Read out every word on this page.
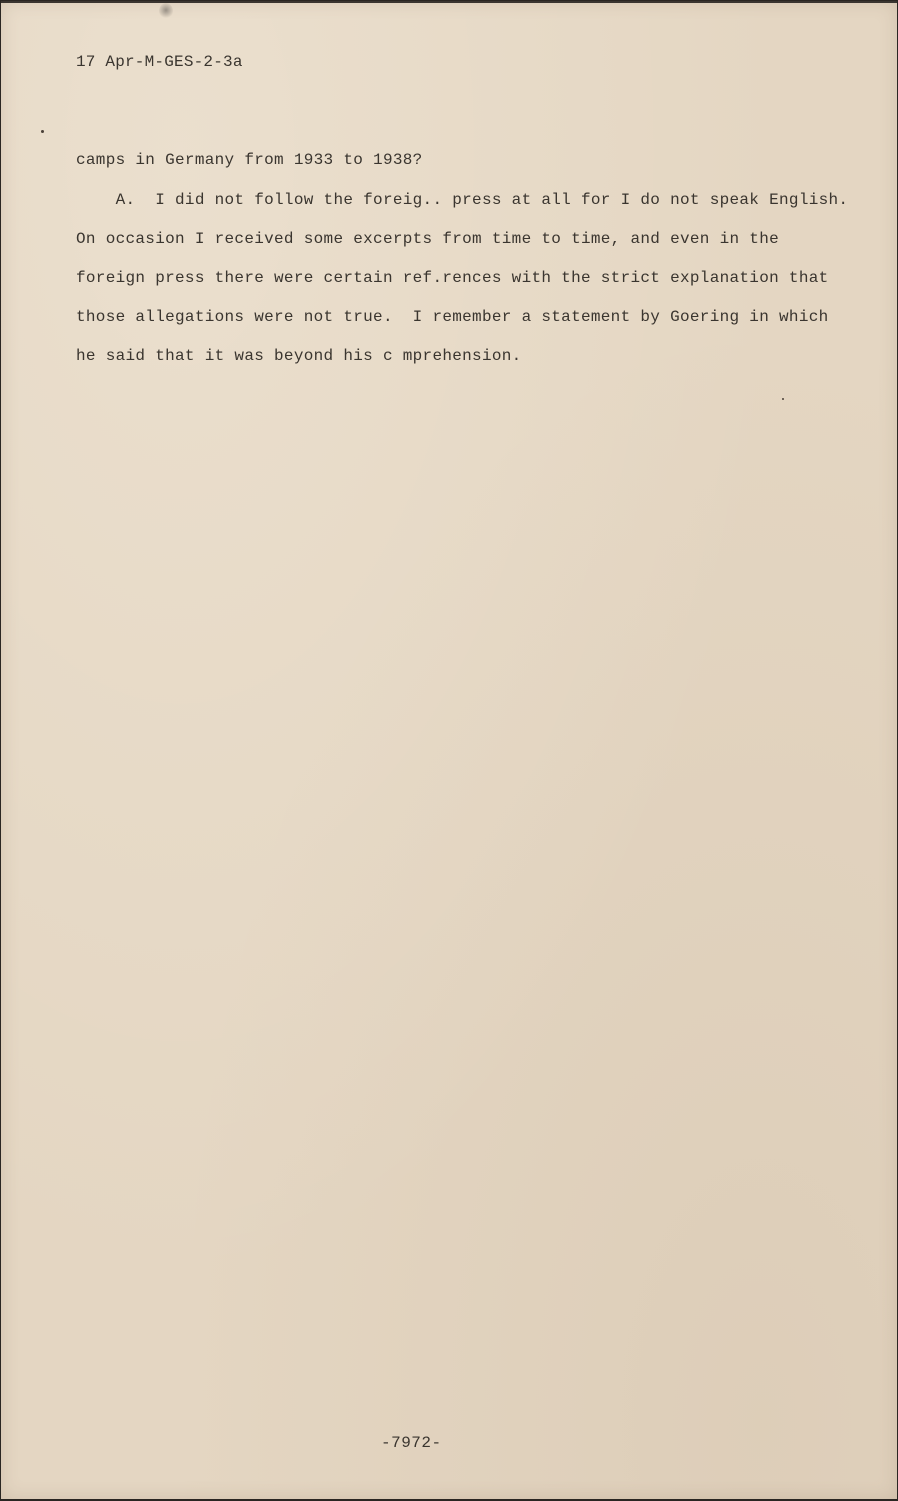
17 Apr-M-GES-2-3a
camps in Germany from 1933 to 1938?
A.  I did not follow the foreig.. press at all for I do not speak English.
On occasion I received some excerpts from time to time, and even in the
foreign press there were certain ref.rences with the strict explanation that
those allegations were not true.  I remember a statement by Goering in which
he said that it was beyond his c mprehension.
-7972-
